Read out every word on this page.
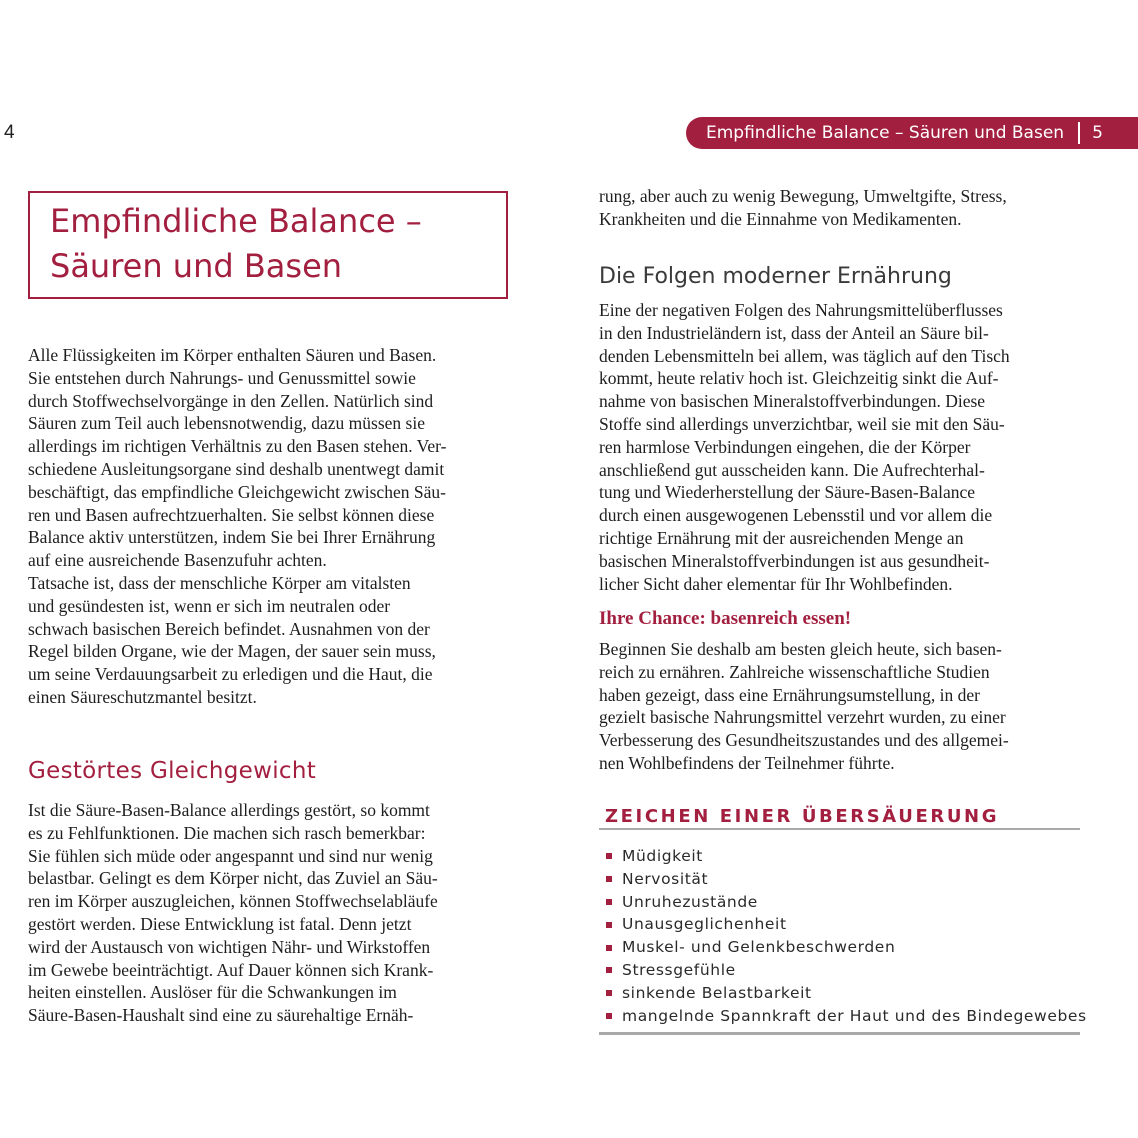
4	Empfindliche Balance – Säuren und Basen 5
Empfindliche Balance –
Säuren und Basen
Alle Flüssigkeiten im Körper enthalten Säuren und Basen.
Sie entstehen durch Nahrungs- und Genussmittel sowie
durch Stoffwechselvorgänge in den Zellen. Natürlich sind
Säuren zum Teil auch lebensnotwendig, dazu müssen sie
allerdings im richtigen Verhältnis zu den Basen stehen. Ver-
schiedene Ausleitungsorgane sind deshalb unentwegt damit
beschäftigt, das empfindliche Gleichgewicht zwischen Säu-
ren und Basen aufrechtzuerhalten. Sie selbst können diese
Balance aktiv unterstützen, indem Sie bei Ihrer Ernährung
auf eine ausreichende Basenzufuhr achten.
Tatsache ist, dass der menschliche Körper am vitalsten
und gesündesten ist, wenn er sich im neutralen oder
schwach basischen Bereich befindet. Ausnahmen von der
Regel bilden Organe, wie der Magen, der sauer sein muss,
um seine Verdauungsarbeit zu erledigen und die Haut, die
einen Säureschutzmantel besitzt.
Gestörtes Gleichgewicht
Ist die Säure-Basen-Balance allerdings gestört, so kommt
es zu Fehlfunktionen. Die machen sich rasch bemerkbar:
Sie fühlen sich müde oder angespannt und sind nur wenig
belastbar. Gelingt es dem Körper nicht, das Zuviel an Säu-
ren im Körper auszugleichen, können Stoffwechselabläufe
gestört werden. Diese Entwicklung ist fatal. Denn jetzt
wird der Austausch von wichtigen Nähr- und Wirkstoffen
im Gewebe beeinträchtigt. Auf Dauer können sich Krank-
heiten einstellen. Auslöser für die Schwankungen im
Säure-Basen-Haushalt sind eine zu säurehaltige Ernäh-
rung, aber auch zu wenig Bewegung, Umweltgifte, Stress,
Krankheiten und die Einnahme von Medikamenten.
Die Folgen moderner Ernährung
Eine der negativen Folgen des Nahrungsmittelüberflusses
in den Industrieländern ist, dass der Anteil an Säure bil-
denden Lebensmitteln bei allem, was täglich auf den Tisch
kommt, heute relativ hoch ist. Gleichzeitig sinkt die Auf-
nahme von basischen Mineralstoffverbindungen. Diese
Stoffe sind allerdings unverzichtbar, weil sie mit den Säu-
ren harmlose Verbindungen eingehen, die der Körper
anschließend gut ausscheiden kann. Die Aufrechterhal-
tung und Wiederherstellung der Säure-Basen-Balance
durch einen ausgewogenen Lebensstil und vor allem die
richtige Ernährung mit der ausreichenden Menge an
basischen Mineralstoffverbindungen ist aus gesundheit-
licher Sicht daher elementar für Ihr Wohlbefinden.
Ihre Chance: basenreich essen!
Beginnen Sie deshalb am besten gleich heute, sich basen-
reich zu ernähren. Zahlreiche wissenschaftliche Studien
haben gezeigt, dass eine Ernährungsumstellung, in der
gezielt basische Nahrungsmittel verzehrt wurden, zu einer
Verbesserung des Gesundheitszustandes und des allgemei-
nen Wohlbefindens der Teilnehmer führte.
ZEICHEN EINER ÜBERSÄUERUNG
Müdigkeit
Nervosität
Unruhezustände
Unausgeglichenheit
Muskel- und Gelenkbeschwerden
Stressgefühle
sinkende Belastbarkeit
mangelnde Spannkraft der Haut und des Bindegewebes
